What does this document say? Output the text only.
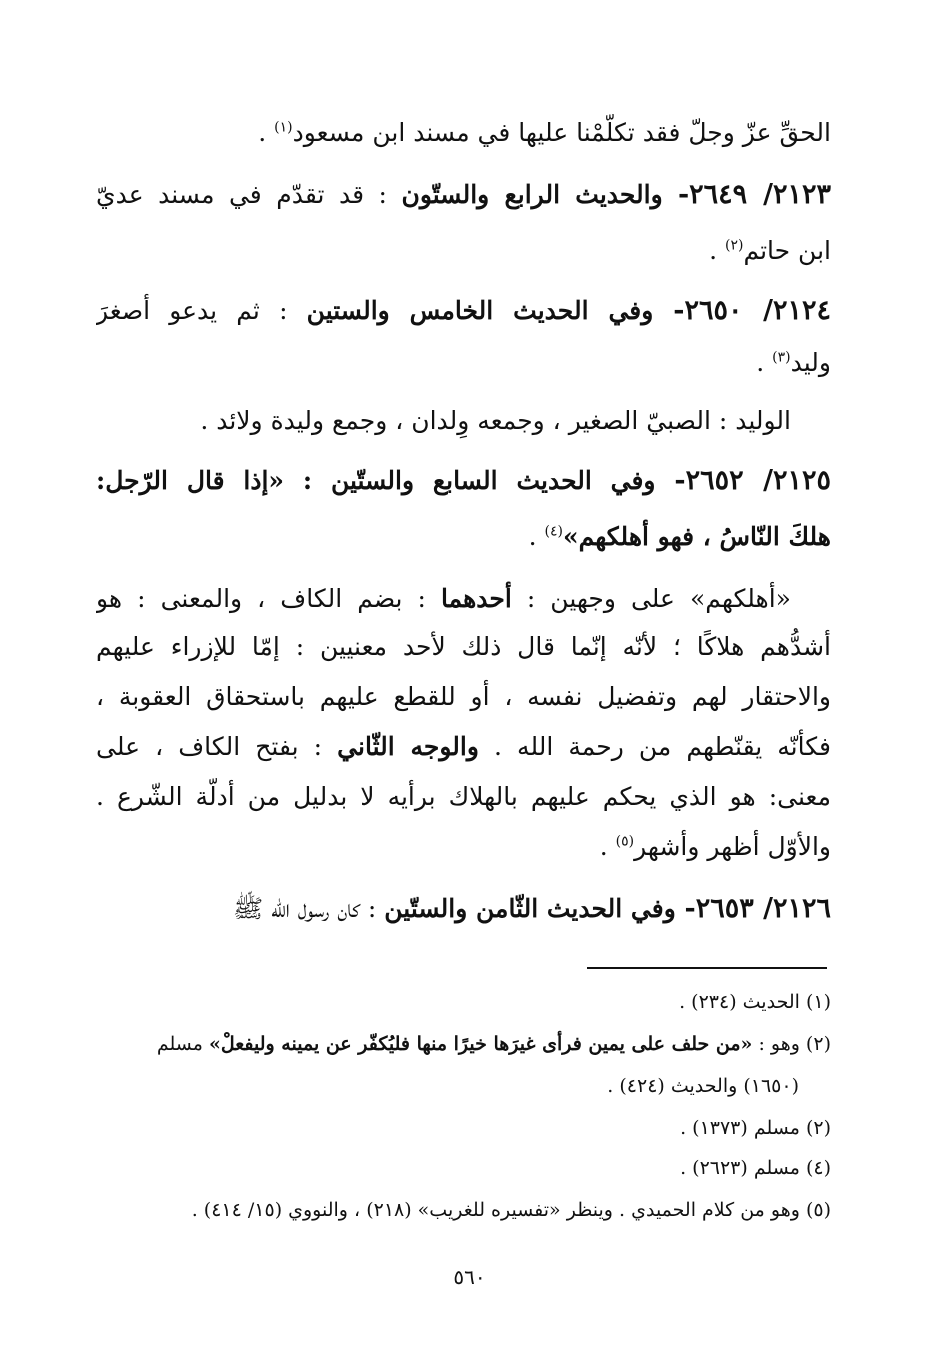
الحقِّ عزّ وجلّ فقد تكلَّمْنا عليها في مسند ابن مسعود$^{(١)}$ .
٢١٢٣/ ٢٦٤٩- والحديث الرابع والستّون : قد تقدّم في مسند عديّ
ابن حاتم$^{(٢)}$ .
٢١٢٤/ ٢٦٥٠- وفي الحديث الخامس والستين : ثم يدعو أصغرَ
وليد$^{(٣)}$ .
الوليد : الصبيّ الصغير ، وجمعه وِلدان ، وجمع وليدة ولائد .
٢١٢٥/ ٢٦٥٢- وفي الحديث السابع والستّين : «إذا قال الرّجل:
هلكَ النّاسُ ، فهو أهلكهم»$^{(٤)}$ .
«أهلكهم» على وجهين : أحدهما : بضم الكاف ، والمعنى : هو
أشدُّهم هلاكًا ؛ لأنّه إنّما قال ذلك لأحد معنيين : إمّا للإزراء عليهم
والاحتقار لهم وتفضيل نفسه ، أو للقطع عليهم باستحقاق العقوبة ،
فكأنّه يقنّطهم من رحمة الله . والوجه الثّاني : بفتح الكاف ، على
معنى: هو الذي يحكم عليهم بالهلاك برأيه لا بدليل من أدلّة الشّرع .
والأوّل أظهر وأشهر$^{(٥)}$ .
٢١٢٦/ ٢٦٥٣- وفي الحديث الثّامن والستّين : كان رسول الله ﷺ
(١) الحديث (٢٣٤) .
(٢) وهو : «من حلف على يمين فرأى غيرَها خيرًا منها فليُكفّر عن يمينه وليفعلْ» مسلم
(١٦٥٠) والحديث (٤٢٤) .
(٢) مسلم (١٣٧٣) .
(٤) مسلم (٢٦٢٣) .
(٥) وهو من كلام الحميدي . وينظر «تفسيره للغريب» (٢١٨) ، والنووي (١٥/ ٤١٤) .
٥٦٠
